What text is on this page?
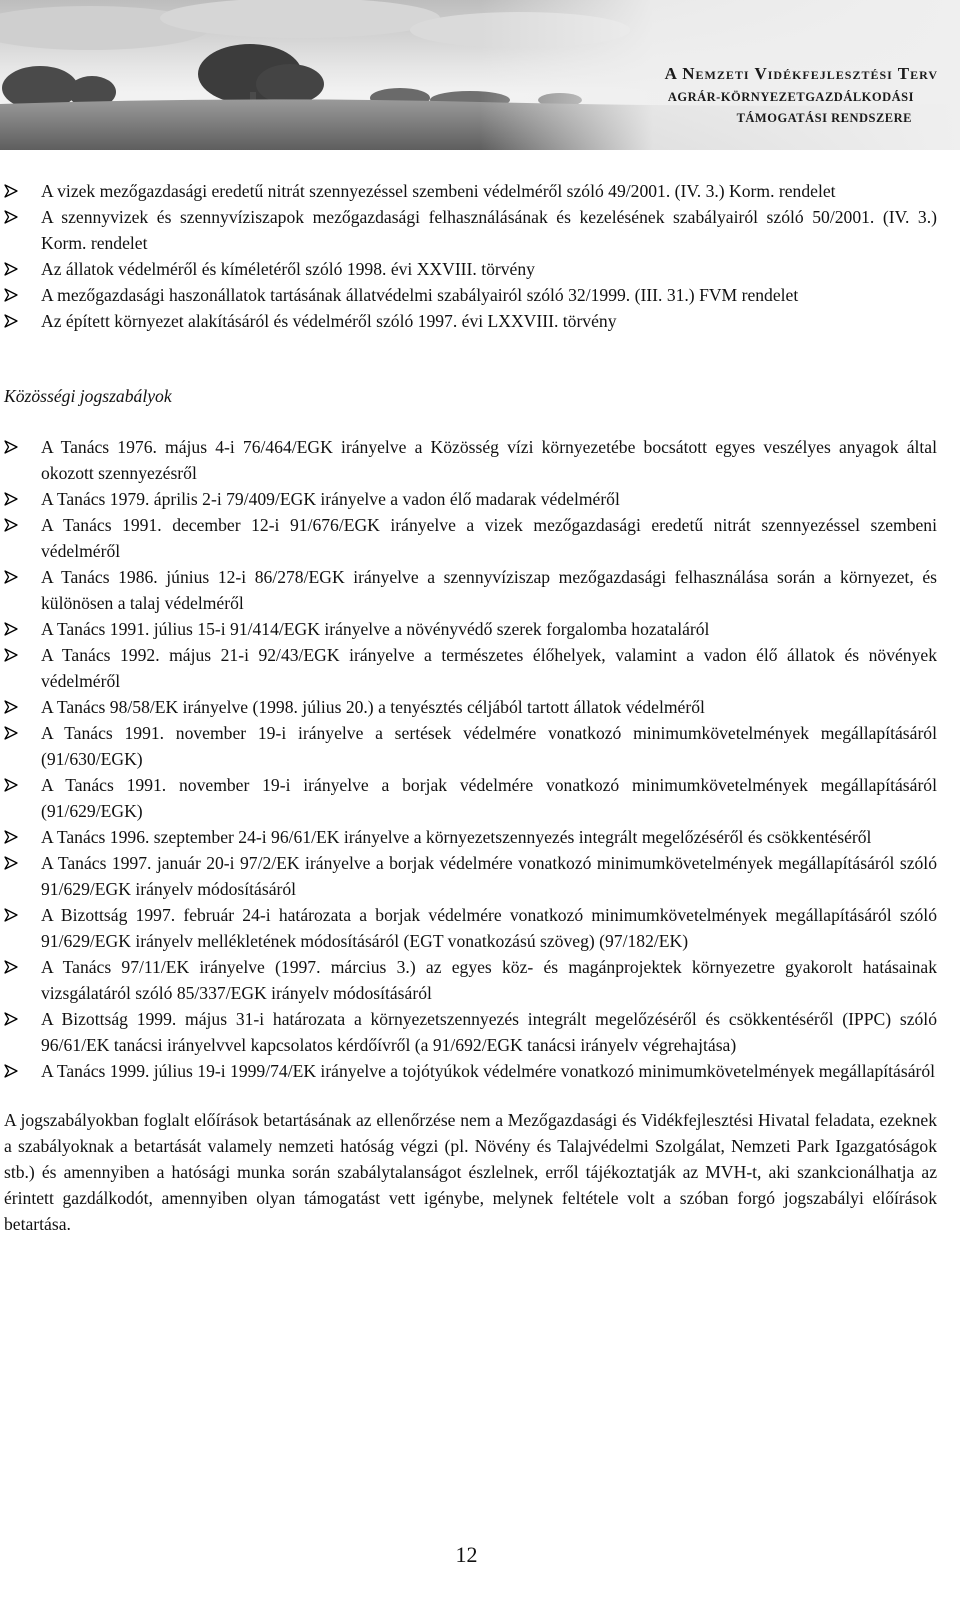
A Nemzeti Vidékfejlesztési Terv
AGRÁR-KÖRNYEZETGAZDÁLKODÁSI
TÁMOGATÁSI RENDSZERE
A vizek mezőgazdasági eredetű nitrát szennyezéssel szembeni védelméről szóló 49/2001. (IV. 3.) Korm. rendelet
A szennyvizek és szennyvíziszapok mezőgazdasági felhasználásának és kezelésének szabályairól szóló 50/2001. (IV. 3.) Korm. rendelet
Az állatok védelméről és kíméletéről szóló 1998. évi XXVIII. törvény
A mezőgazdasági haszonállatok tartásának állatvédelmi szabályairól szóló 32/1999. (III. 31.) FVM rendelet
Az épített környezet alakításáról és védelméről szóló 1997. évi LXXVIII. törvény
Közösségi jogszabályok
A Tanács 1976. május 4-i 76/464/EGK irányelve a Közösség vízi környezetébe bocsátott egyes veszélyes anyagok által okozott szennyezésről
A Tanács 1979. április 2-i 79/409/EGK irányelve a vadon élő madarak védelméről
A Tanács 1991. december 12-i 91/676/EGK irányelve a vizek mezőgazdasági eredetű nitrát szennyezéssel szembeni védelméről
A Tanács 1986. június 12-i 86/278/EGK irányelve a szennyvíziszap mezőgazdasági felhasználása során a környezet, és különösen a talaj védelméről
A Tanács 1991. július 15-i 91/414/EGK irányelve a növényvédő szerek forgalomba hozataláról
A Tanács 1992. május 21-i 92/43/EGK irányelve a természetes élőhelyek, valamint a vadon élő állatok és növények védelméről
A Tanács 98/58/EK irányelve (1998. július 20.) a tenyésztés céljából tartott állatok védelméről
A Tanács 1991. november 19-i irányelve a sertések védelmére vonatkozó minimumkövetelmények megállapításáról (91/630/EGK)
A Tanács 1991. november 19-i irányelve a borjak védelmére vonatkozó minimumkövetelmények megállapításáról (91/629/EGK)
A Tanács 1996. szeptember 24-i 96/61/EK irányelve a környezetszennyezés integrált megelőzéséről és csökkentéséről
A Tanács 1997. január 20-i 97/2/EK irányelve a borjak védelmére vonatkozó minimumkövetelmények megállapításáról szóló 91/629/EGK irányelv módosításáról
A Bizottság 1997. február 24-i határozata a borjak védelmére vonatkozó minimumkövetelmények megállapításáról szóló 91/629/EGK irányelv mellékletének módosításáról (EGT vonatkozású szöveg) (97/182/EK)
A Tanács 97/11/EK irányelve (1997. március 3.) az egyes köz- és magánprojektek környezetre gyakorolt hatásainak vizsgálatáról szóló 85/337/EGK irányelv módosításáról
A Bizottság 1999. május 31-i határozata a környezetszennyezés integrált megelőzéséről és csökkentéséről (IPPC) szóló 96/61/EK tanácsi irányelvvel kapcsolatos kérdőívről (a 91/692/EGK tanácsi irányelv végrehajtása)
A Tanács 1999. július 19-i 1999/74/EK irányelve a tojótyúkok védelmére vonatkozó minimumkövetelmények megállapításáról

A jogszabályokban foglalt előírások betartásának az ellenőrzése nem a Mezőgazdasági és Vidékfejlesztési Hivatal feladata, ezeknek a szabályoknak a betartását valamely nemzeti hatóság végzi (pl. Növény és Talajvédelmi Szolgálat, Nemzeti Park Igazgatóságok stb.) és amennyiben a hatósági munka során szabálytalanságot észlelnek, erről tájékoztatják az MVH-t, aki szankcionálhatja az érintett gazdálkodót, amennyiben olyan támogatást vett igénybe, melynek feltétele volt a szóban forgó jogszabályi előírások betartása.

12
